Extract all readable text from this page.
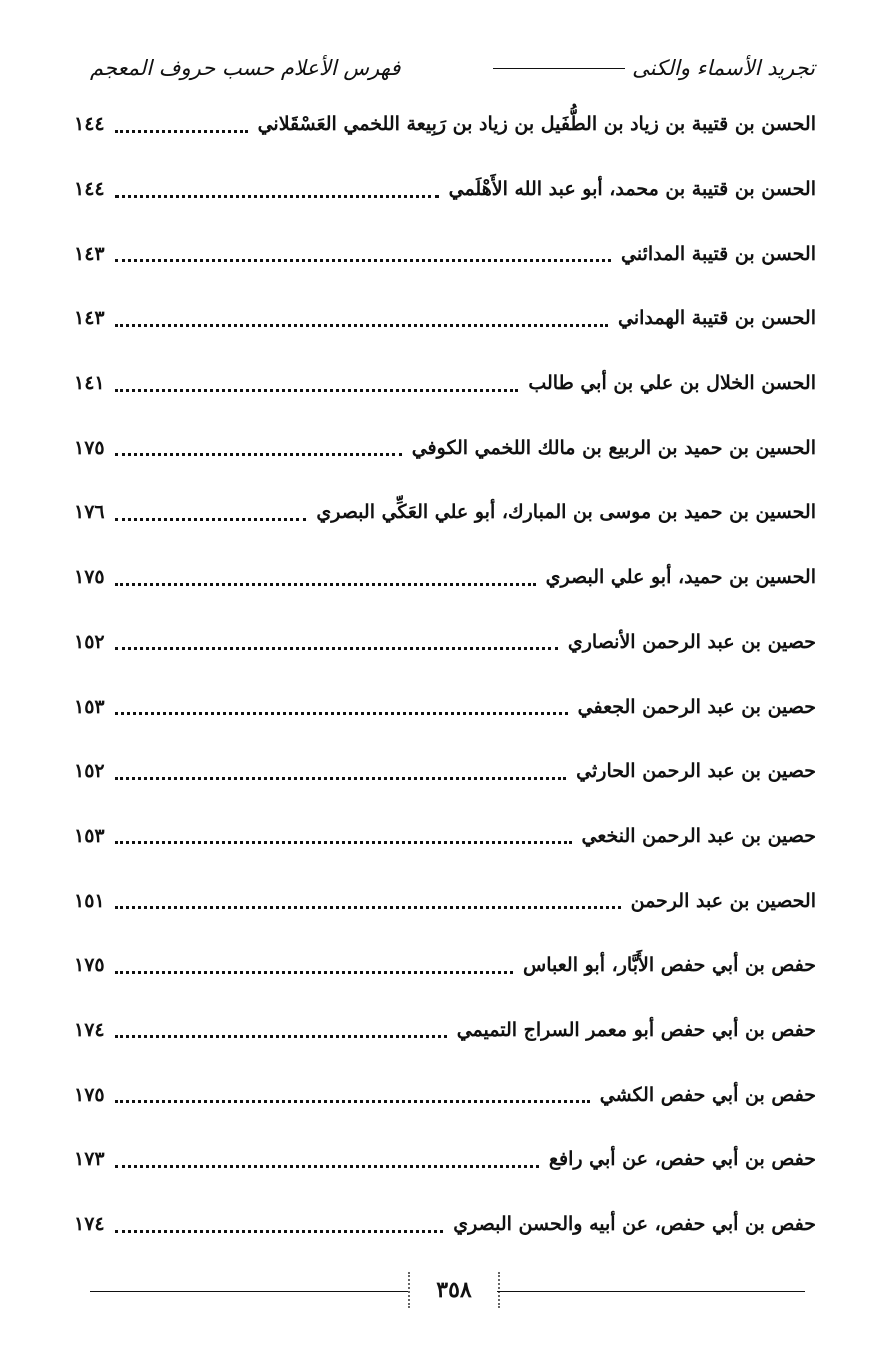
تجريد الأسماء والكنى
فهرس الأعلام حسب حروف المعجم
الحسن بن قتيبة بن زياد بن الطُّفَيل بن زياد بن رَبِيعة اللخمي العَسْقَلاني
١٤٤
الحسن بن قتيبة بن محمد، أبو عبد الله الأَهْلَمي
١٤٤
الحسن بن قتيبة المدائني
١٤٣
الحسن بن قتيبة الهمداني
١٤٣
الحسن الخلال بن علي بن أبي طالب
١٤١
الحسين بن حميد بن الربيع بن مالك اللخمي الكوفي
١٧٥
الحسين بن حميد بن موسى بن المبارك، أبو علي العَكِّي البصري
١٧٦
الحسين بن حميد، أبو علي البصري
١٧٥
حصين بن عبد الرحمن الأنصاري
١٥٢
حصين بن عبد الرحمن الجعفي
١٥٣
حصين بن عبد الرحمن الحارثي
١٥٢
حصين بن عبد الرحمن النخعي
١٥٣
الحصين بن عبد الرحمن
١٥١
حفص بن أبي حفص الأَبَّار، أبو العباس
١٧٥
حفص بن أبي حفص أبو معمر السراج التميمي
١٧٤
حفص بن أبي حفص الكشي
١٧٥
حفص بن أبي حفص، عن أبي رافع
١٧٣
حفص بن أبي حفص، عن أبيه والحسن البصري
١٧٤
٣٥٨
